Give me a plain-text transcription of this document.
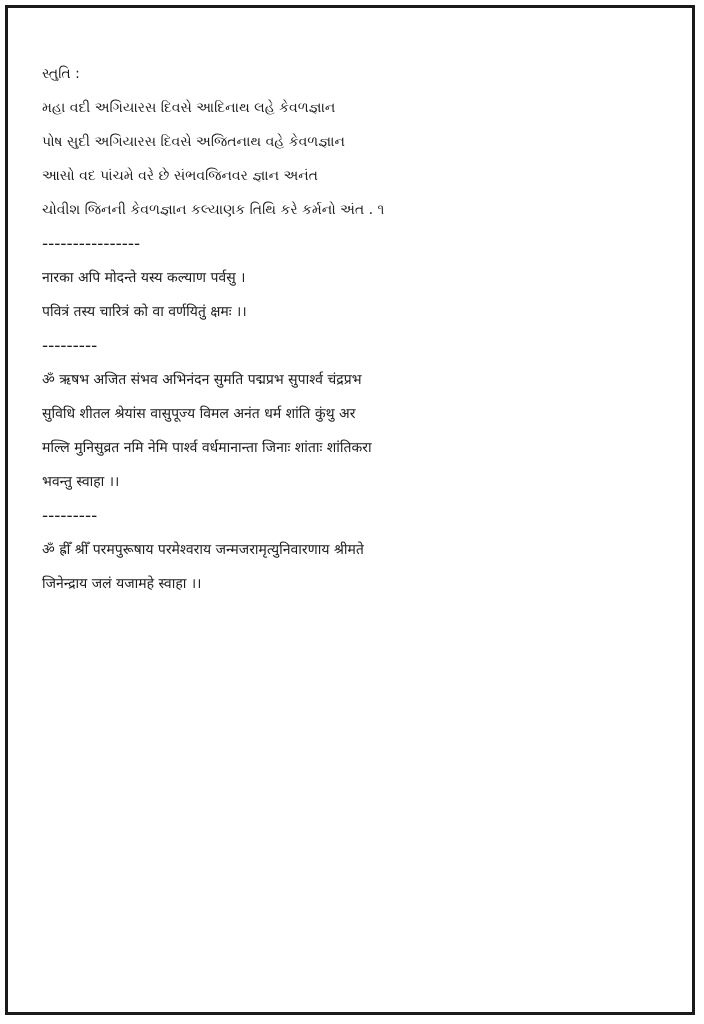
સ્તુતિ :
મહા વદી અગિયારસ દિવસે આદિનાથ લહે કેવળજ્ઞાન
પોષ સુદી અગિયારસ દિવસે અજિતનાથ વહે કેવળજ્ઞાન
આસો વદ પાંચમે વરે છે સંભવજિનવર જ્ઞાન અનંત
ચોવીશ જિનની કેવળજ્ઞાન કલ્યાણક તિથિ કરે કર્મનો અંત . ૧
----------------
नारका अपि मोदन्ते यस्य कल्याण पर्वसु ।
पवित्रं तस्य चारित्रं को वा वर्णयितुं क्षमः ।।
---------
ॐ ऋषभ अजित संभव अभिनंदन सुमति पद्मप्रभ सुपार्श्व चंद्रप्रभ
सुविधि शीतल श्रेयांस वासुपूज्य विमल अनंत धर्म शांति कुंथु अर
मल्लि मुनिसुव्रत नमि नेमि पार्श्व वर्धमानान्ता जिनाः शांताः शांतिकरा
भवन्तु स्वाहा ।।
---------
ॐ ह्रीँ श्रीँ परमपुरूषाय परमेश्वराय जन्मजरामृत्युनिवारणाय श्रीमते
जिनेन्द्राय जलं यजामहे स्वाहा ।।
